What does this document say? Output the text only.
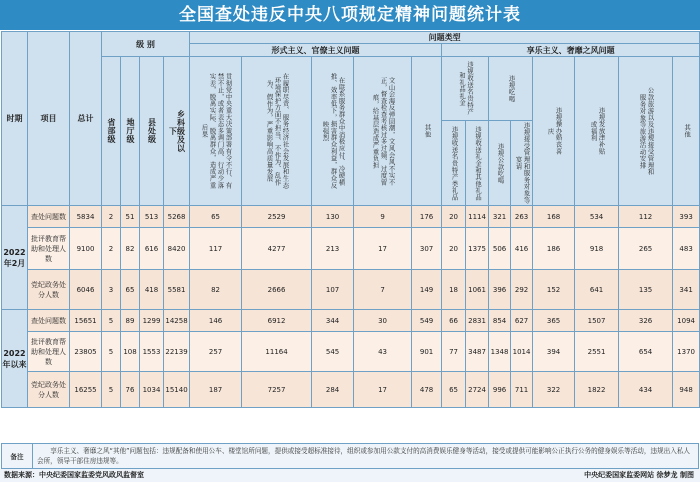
全国查处违反中央八项规定精神问题统计表
时期	项目	总计	级 别				问题类型												
							形式主义、官僚主义问题					享乐主义、奢靡之风问题							

			省部级	地厅级	县处级	乡科级及以下	贯彻党中央重大决策部署有令不行、有禁不止，或者表态多调门高、行动少落实差，脱离实际、脱离群众，造成严重后果	在履职尽责、服务经济社会发展和生态环境保护方面不担当、不作为、乱作为、假作为，严重影响高质量发展	在联系服务群众中消极应付、冷硬横推、效率低下，损害群众利益，群众反映强烈	文山会海反弹回潮，文风会风不实不正，督查检查考核过多过频、过度留痕，给基层造成严重负担	其他	违规收送名贵特产和礼品礼金		违规吃喝		违规操办婚丧喜庆	违规发放津补贴或福利	公款旅游以及违规接受管理和服务对象等旅游活动安排	其他

												违规收送名贵特产类礼品	违规收送礼金和其他礼品	违规公款吃喝	违规接受管理和服务对象等宴请				

2022年2月	查处问题数	5834	2	51	513	5268	65	2529	130	9	176	20	1114	321	263	168	534	112	393
	批评教育帮助和处理人数	9100	2	82	616	8420	117	4277	213	17	307	20	1375	506	416	186	918	265	483
	党纪政务处分人数	6046	3	65	418	5581	82	2666	107	7	149	18	1061	396	292	152	641	135	341
2022年以来	查处问题数	15651	5	89	1299	14258	146	6912	344	30	549	66	2831	854	627	365	1507	326	1094
	批评教育帮助和处理人数	23805	5	108	1553	22139	257	11164	545	43	901	77	3487	1348	1014	394	2551	654	1370
	党纪政务处分人数	16255	5	76	1034	15140	187	7257	284	17	478	65	2724	996	711	322	1822	434	948
备注	享乐主义、奢靡之风“其他”问题包括：违规配备和使用公车、楼堂馆所问题，提供或接受超标准接待，组织或参加用公款支付的高消费娱乐健身等活动，接受或提供可能影响公正执行公务的健身娱乐等活动，违规出入私人会所，领导干部住房违规等。
数据来源：中央纪委国家监委党风政风监督室	中央纪委国家监委网站 徐梦龙 制图
